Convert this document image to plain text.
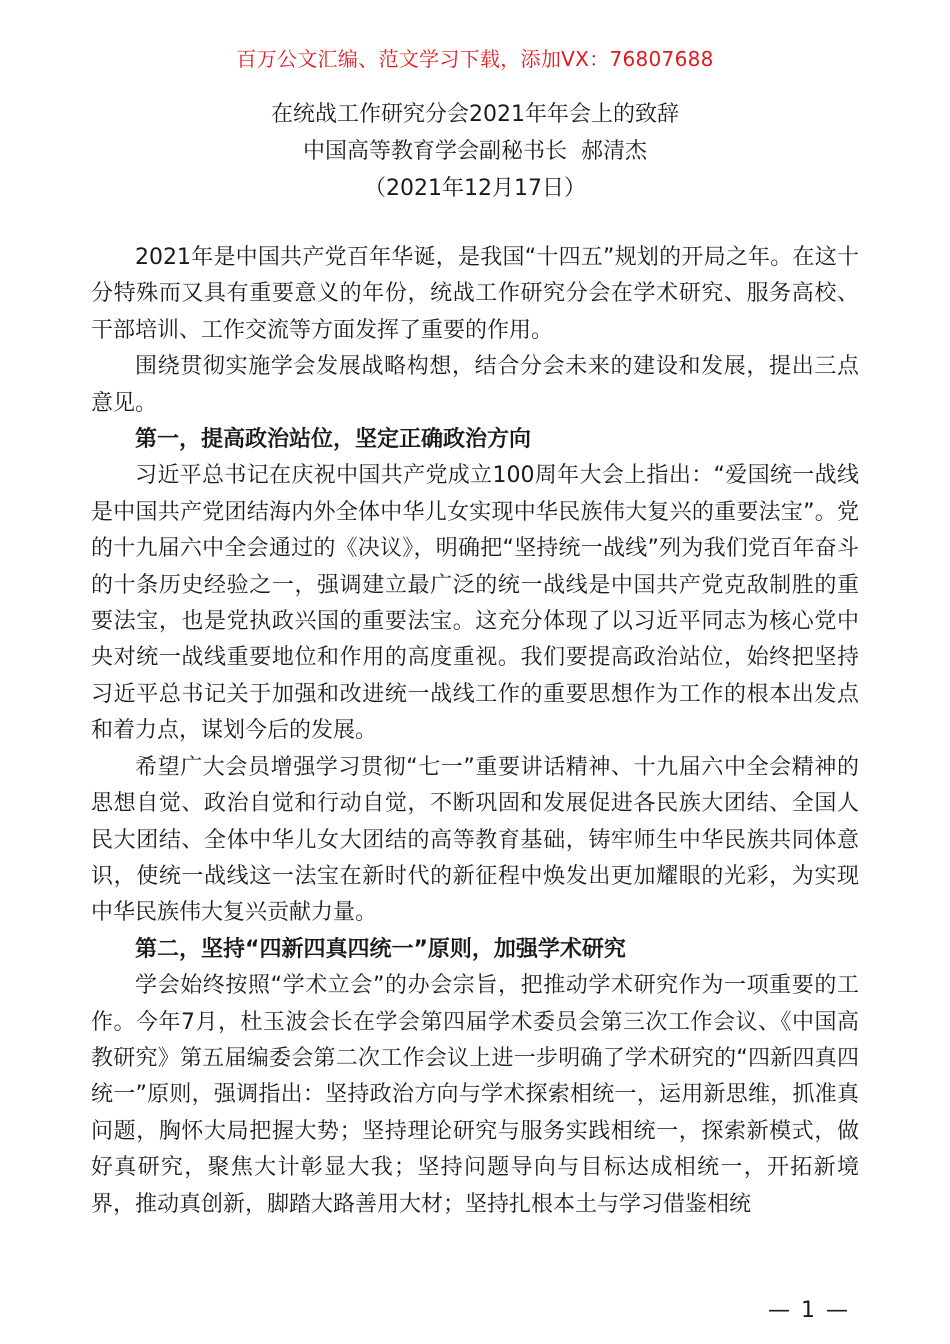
百万公文汇编、范文学习下载，添加VX：76807688
在统战工作研究分会2021年年会上的致辞
中国高等教育学会副秘书长  郝清杰
（2021年12月17日）

2021年是中国共产党百年华诞，是我国“十四五”规划的开局之年。在这十分特殊而又具有重要意义的年份，统战工作研究分会在学术研究、服务高校、干部培训、工作交流等方面发挥了重要的作用。

围绕贯彻实施学会发展战略构想，结合分会未来的建设和发展，提出三点意见。

第一，提高政治站位，坚定正确政治方向

习近平总书记在庆祝中国共产党成立100周年大会上指出：“爱国统一战线是中国共产党团结海内外全体中华儿女实现中华民族伟大复兴的重要法宝”。党的十九届六中全会通过的《决议》，明确把“坚持统一战线”列为我们党百年奋斗的十条历史经验之一，强调建立最广泛的统一战线是中国共产党克敌制胜的重要法宝，也是党执政兴国的重要法宝。这充分体现了以习近平同志为核心党中央对统一战线重要地位和作用的高度重视。我们要提高政治站位，始终把坚持习近平总书记关于加强和改进统一战线工作的重要思想作为工作的根本出发点和着力点，谋划今后的发展。

希望广大会员增强学习贯彻“七一”重要讲话精神、十九届六中全会精神的思想自觉、政治自觉和行动自觉，不断巩固和发展促进各民族大团结、全国人民大团结、全体中华儿女大团结的高等教育基础，铸牢师生中华民族共同体意识，使统一战线这一法宝在新时代的新征程中焕发出更加耀眼的光彩，为实现中华民族伟大复兴贡献力量。

第二，坚持“四新四真四统一”原则，加强学术研究

学会始终按照“学术立会”的办会宗旨，把推动学术研究作为一项重要的工作。今年7月，杜玉波会长在学会第四届学术委员会第三次工作会议、《中国高教研究》第五届编委会第二次工作会议上进一步明确了学术研究的“四新四真四统一”原则，强调指出：坚持政治方向与学术探索相统一，运用新思维，抓准真问题，胸怀大局把握大势；坚持理论研究与服务实践相统一，探索新模式，做好真研究，聚焦大计彰显大我；坚持问题导向与目标达成相统一，开拓新境界，推动真创新，脚踏大路善用大材；坚持扎根本土与学习借鉴相统

— 1 —
